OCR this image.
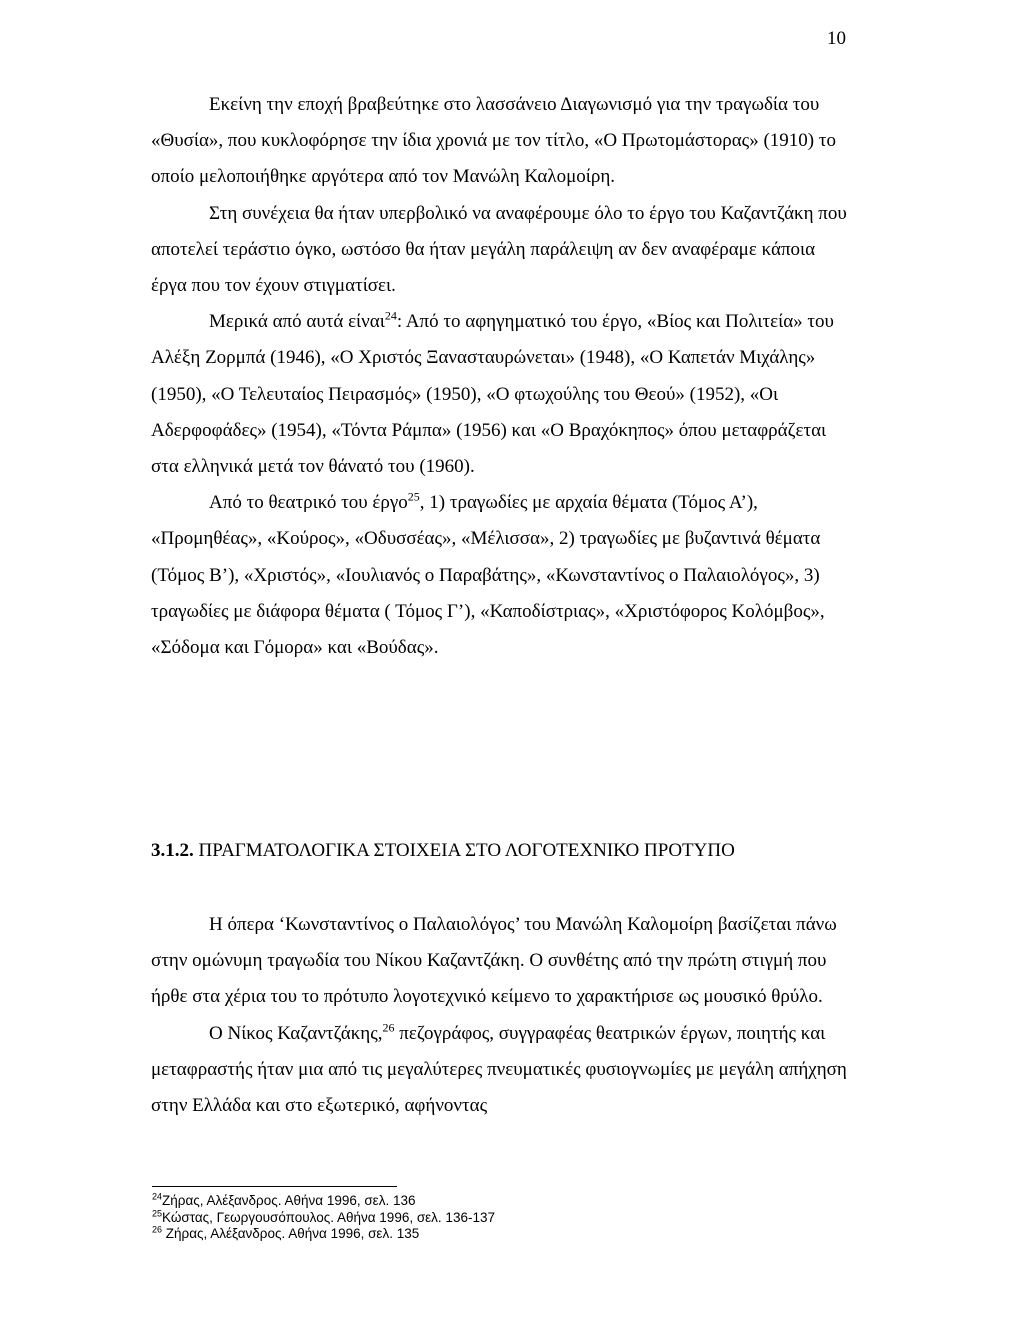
10

Εκείνη την εποχή βραβεύτηκε στο λασσάνειο Διαγωνισμό για την τραγωδία του «Θυσία», που κυκλοφόρησε την ίδια χρονιά με τον τίτλο, «Ο Πρωτομάστορας» (1910) το οποίο μελοποιήθηκε αργότερα από τον Μανώλη Καλομοίρη.

Στη συνέχεια θα ήταν υπερβολικό να αναφέρουμε όλο το έργο του Καζαντζάκη που αποτελεί τεράστιο όγκο, ωστόσο θα ήταν μεγάλη παράλειψη αν δεν αναφέραμε κάποια έργα που τον έχουν στιγματίσει.

Μερικά από αυτά είναι$^{24}$: Από το αφηγηματικό του έργο, «Βίος και Πολιτεία» του Αλέξη Ζορμπά (1946), «Ο Χριστός Ξανασταυρώνεται» (1948), «Ο Καπετάν Μιχάλης» (1950), «Ο Τελευταίος Πειρασμός» (1950), «Ο φτωχούλης του Θεού» (1952), «Οι Αδερφοφάδες» (1954), «Τόντα Ράμπα» (1956) και «Ο Βραχόκηπος» όπου μεταφράζεται στα ελληνικά μετά τον θάνατό του (1960).

Από το θεατρικό του έργο$^{25}$, 1) τραγωδίες με αρχαία θέματα (Τόμος Α’), «Προμηθέας», «Κούρος», «Οδυσσέας», «Μέλισσα», 2) τραγωδίες με βυζαντινά θέματα (Τόμος Β’), «Χριστός», «Ιουλιανός ο Παραβάτης», «Κωνσταντίνος ο Παλαιολόγος», 3) τραγωδίες με διάφορα θέματα ( Τόμος Γ’), «Καποδίστριας», «Χριστόφορος Κολόμβος», «Σόδομα και Γόμορα» και «Βούδας».

3.1.2. ΠΡΑΓΜΑΤΟΛΟΓΙΚΑ ΣΤΟΙΧΕΙΑ ΣΤΟ ΛΟΓΟΤΕΧΝΙΚΟ ΠΡΟΤΥΠΟ

Η όπερα ‘Κωνσταντίνος ο Παλαιολόγος’ του Μανώλη Καλομοίρη βασίζεται πάνω στην ομώνυμη τραγωδία του Νίκου Καζαντζάκη. Ο συνθέτης από την πρώτη στιγμή που ήρθε στα χέρια του το πρότυπο λογοτεχνικό κείμενο το χαρακτήρισε ως μουσικό θρύλο.

Ο Νίκος Καζαντζάκης,$^{26}$ πεζογράφος, συγγραφέας θεατρικών έργων, ποιητής και μεταφραστής ήταν μια από τις μεγαλύτερες πνευματικές φυσιογνωμίες με μεγάλη απήχηση στην Ελλάδα και στο εξωτερικό, αφήνοντας

$^{24}$Ζήρας, Αλέξανδρος. Αθήνα 1996, σελ. 136
$^{25}$Κώστας, Γεωργουσόπουλος. Αθήνα 1996, σελ. 136-137
$^{26}$ Ζήρας, Αλέξανδρος. Αθήνα 1996, σελ. 135
